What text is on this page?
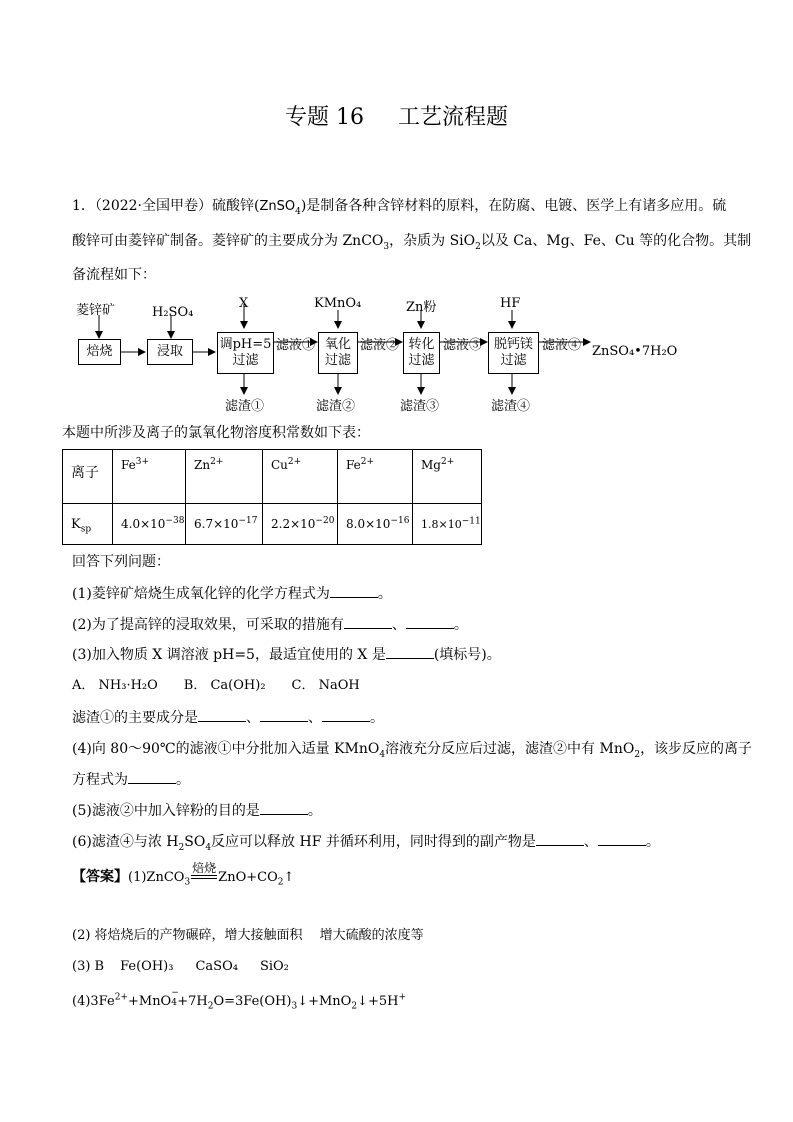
专题 16 工艺流程题
1．（2022·全国甲卷）硫酸锌(ZnSO$_4$)是制备各种含锌材料的原料，在防腐、电镀、医学上有诸多应用。硫
酸锌可由菱锌矿制备。菱锌矿的主要成分为 ZnCO$_3$，杂质为 SiO$_2$以及 Ca、Mg、Fe、Cu 等的化合物。其制
备流程如下：
菱锌矿	H₂SO₄
X	KMnO₄	Zn粉	HF
焙烧	浸取	调pH=5
过滤
氧化
过滤
转化
过滤
脱钙镁
过滤
滤液①	滤液②	滤液③	滤液④ ZnSO₄•7H₂O
滤渣①	滤渣②	滤渣③	滤渣④
本题中所涉及离子的氯氧化物溶度积常数如下表：
离子	$Fe^{3+}$	$Zn^{2+}$	$Cu^{2+}$	$Fe^{2+}$	$Mg^{2+}$
$K_{sp}$	$4.0\times 10^{-38}$	$6.7\times 10^{-17}$	$2.2\times 10^{-20}$	$8.0\times 10^{-16}$	$1.8\times 10^{-11}$
回答下列问题：
(1)菱锌矿焙烧生成氧化锌的化学方程式为	。
(2)为了提高锌的浸取效果，可采取的措施有	、	。
(3)加入物质 X 调溶液 pH=5，最适宜使用的 X 是	(填标号)。
A． NH₃·H₂O B． Ca(OH)₂ C． NaOH
滤渣①的主要成分是	、	、	。
(4)向 80～90℃的滤液①中分批加入适量 KMnO$_4$溶液充分反应后过滤，滤渣②中有 MnO$_2$，该步反应的离子
方程式为	。
(5)滤液②中加入锌粉的目的是	。
(6)滤渣④与浓 $H_2SO_4$反应可以释放 HF 并循环利用，同时得到的副产物是	、	。
【答案】(1)ZnCO$_3$
焙烧
$ZnO+CO_2↑$
(2) 将焙烧后的产物碾碎，增大接触面积　 增大硫酸的浓度等
(3) B Fe(OH)₃ CaSO₄ SiO₂
$(4)3Fe^{2+}+MnO$
−
$4 +7H_2O=3Fe(OH)_3↓+MnO_2↓+5H^+$
